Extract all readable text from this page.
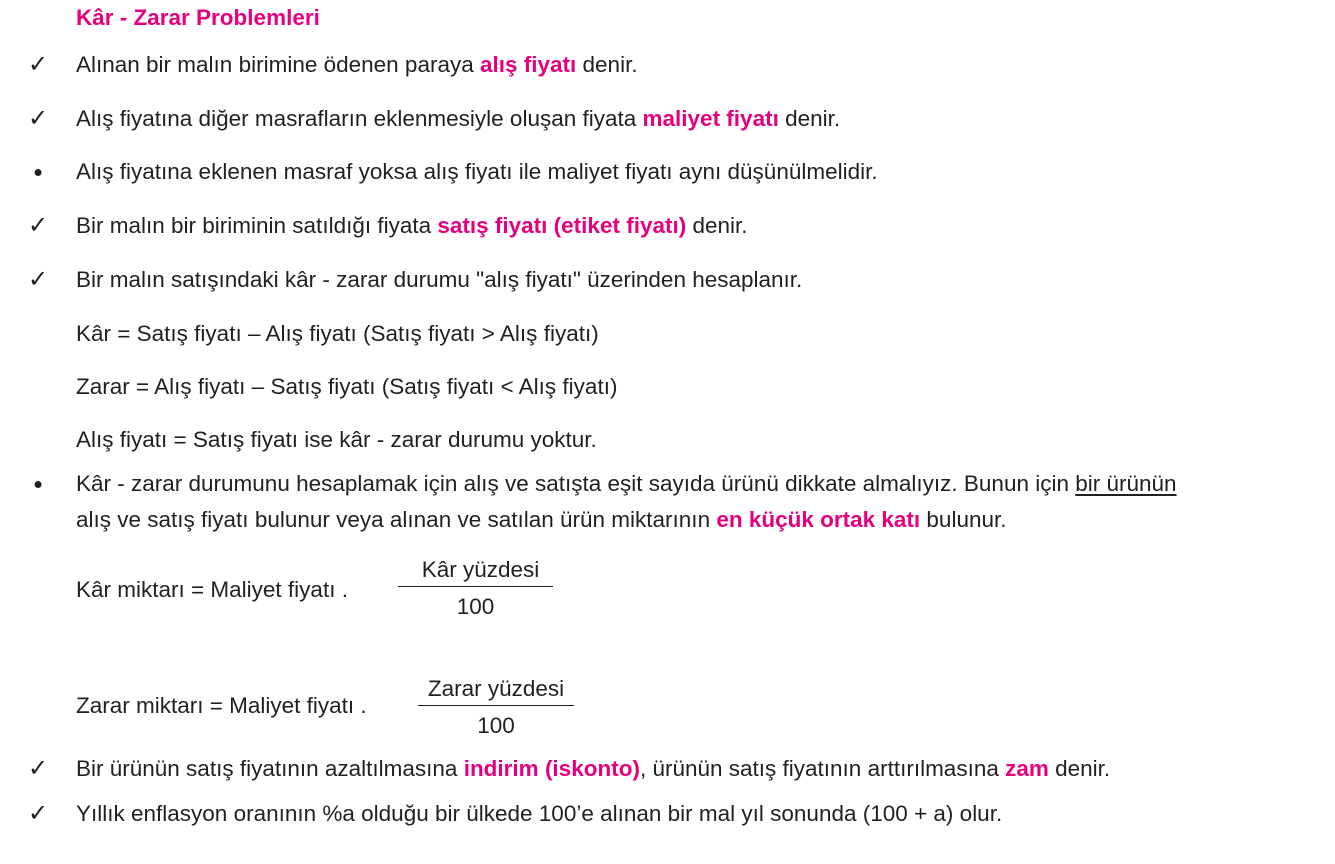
Kâr - Zarar Problemleri
✓ Alınan bir malın birimine ödenen paraya alış fiyatı denir.
✓ Alış fiyatına diğer masrafların eklenmesiyle oluşan fiyata maliyet fiyatı denir.
•	Alış fiyatına eklenen masraf yoksa alış fiyatı ile maliyet fiyatı aynı düşünülmelidir.
✓ Bir malın bir biriminin satıldığı fiyata satış fiyatı (etiket fiyatı) denir.
✓ Bir malın satışındaki kâr - zarar durumu "alış fiyatı" üzerinden hesaplanır.
Kâr = Satış fiyatı – Alış fiyatı (Satış fiyatı > Alış fiyatı)
Zarar = Alış fiyatı – Satış fiyatı (Satış fiyatı < Alış fiyatı)
Alış fiyatı = Satış fiyatı ise kâr - zarar durumu yoktur.
•	Kâr - zarar durumunu hesaplamak için alış ve satışta eşit sayıda ürünü dikkate almalıyız. Bunun için bir ürünün
alış ve satış fiyatı bulunur veya alınan ve satılan ürün miktarının en küçük ortak katı bulunur.
Kâr miktarı = Maliyet fiyatı .
Kâr yüzdesi
100
Zarar miktarı = Maliyet fiyatı .
Zarar yüzdesi
100
✓ Bir ürünün satış fiyatının azaltılmasına indirim (iskonto), ürünün satış fiyatının arttırılmasına zam denir.
✓ Yıllık enflasyon oranının %a olduğu bir ülkede 100’e alınan bir mal yıl sonunda (100 + a) olur.
